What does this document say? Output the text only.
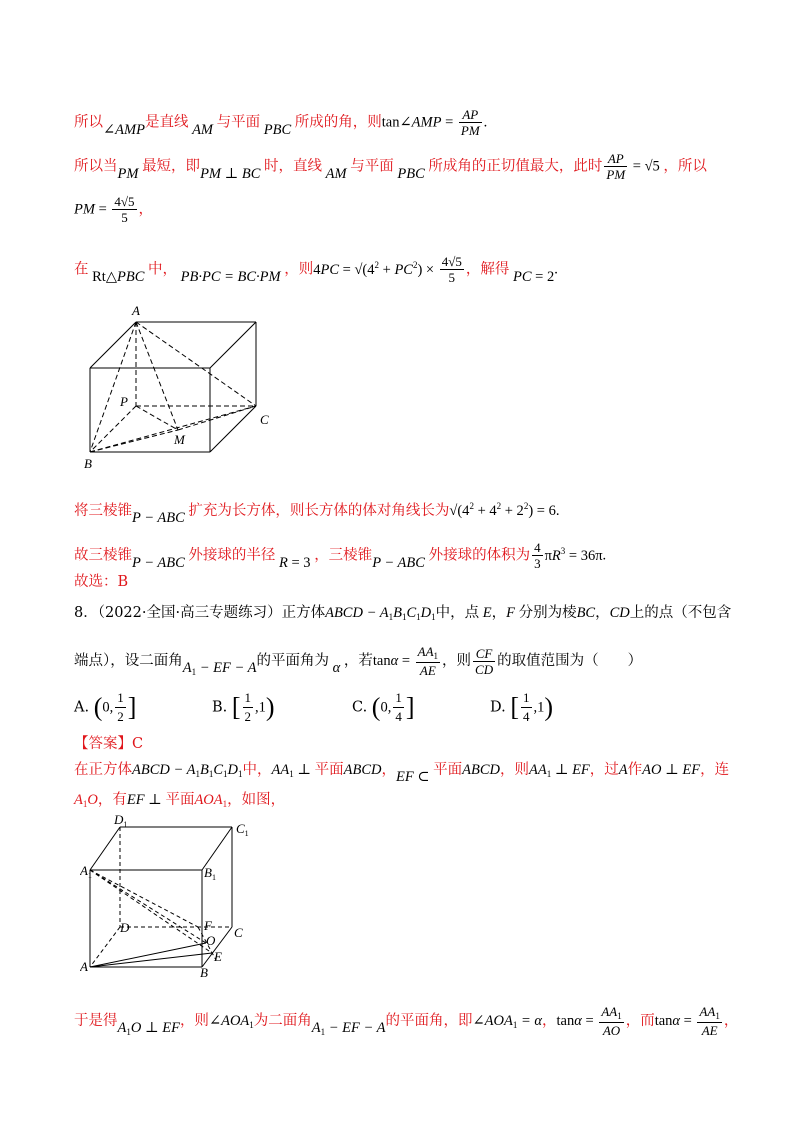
所以∠AMP是直线 AM 与平面 PBC 所成的角，则tan∠AMP = $\frac{AP}{PM}$ .
所以当PM 最短，即PM ⊥ BC 时，直线 AM 与平面 PBC 所成角的正切值最大，此时 $\frac{AP}{PM} = √5$ ，所以
PM = $\frac{4√5}{5}$ ，
在 Rt△PBC 中， PB·PC = BC·PM ，则$4PC = √(4^2 + PC^2) \times \frac{4√5}{5}$ ，解得 PC = 2.
A
P
C
M
B
将三棱锥P − ABC 扩充为长方体，则长方体的体对角线长为$√(4^2 + 4^2 + 2^2) = 6$.
故三棱锥P − ABC 外接球的半径 R = 3 ，三棱锥P − ABC 外接球的体积为 $\frac{4}{3} \pi R^3 = 36\pi$.
故选：B
8．（2022·全国·高三专题练习）正方体ABCD − $A_1B_1C_1D_1$中，点 E，F 分别为棱BC，CD上的点（不包含
端点），设二面角$A_1$ − EF − A的平面角为 α ，若$\tan\alpha = \frac{AA_1}{AE}$ ，则 $\frac{CF}{CD}$ 的取值范围为（　　）
A. (0, $\frac{1}{2}$ ]	B. [ $\frac{1}{2} ,1$)	C. (0, $\frac{1}{4}$ ]	D. [ $\frac{1}{4} ,1$)
【答案】C
在正方体ABCD − $A_1B_1C_1D_1$中，$AA_1$ ⊥ 平面ABCD，EF ⊂ 平面ABCD，则$AA_1$ ⊥ EF，过A作AO ⊥ EF，连
$A_1O$，有EF ⊥ 平面$AOA_1$，如图，
$D_1$	$C_1$
$A_1$	$B_1$
D	F
O
C
A
E
B
于是得$A_1O$ ⊥ EF，则$\angle AOA_1$为二面角$A_1$ − EF − A的平面角，即$\angle AOA_1 = \alpha$，$\tan\alpha = \frac{AA_1}{AO}$ ，而$\tan\alpha = \frac{AA_1}{AE}$ ，
